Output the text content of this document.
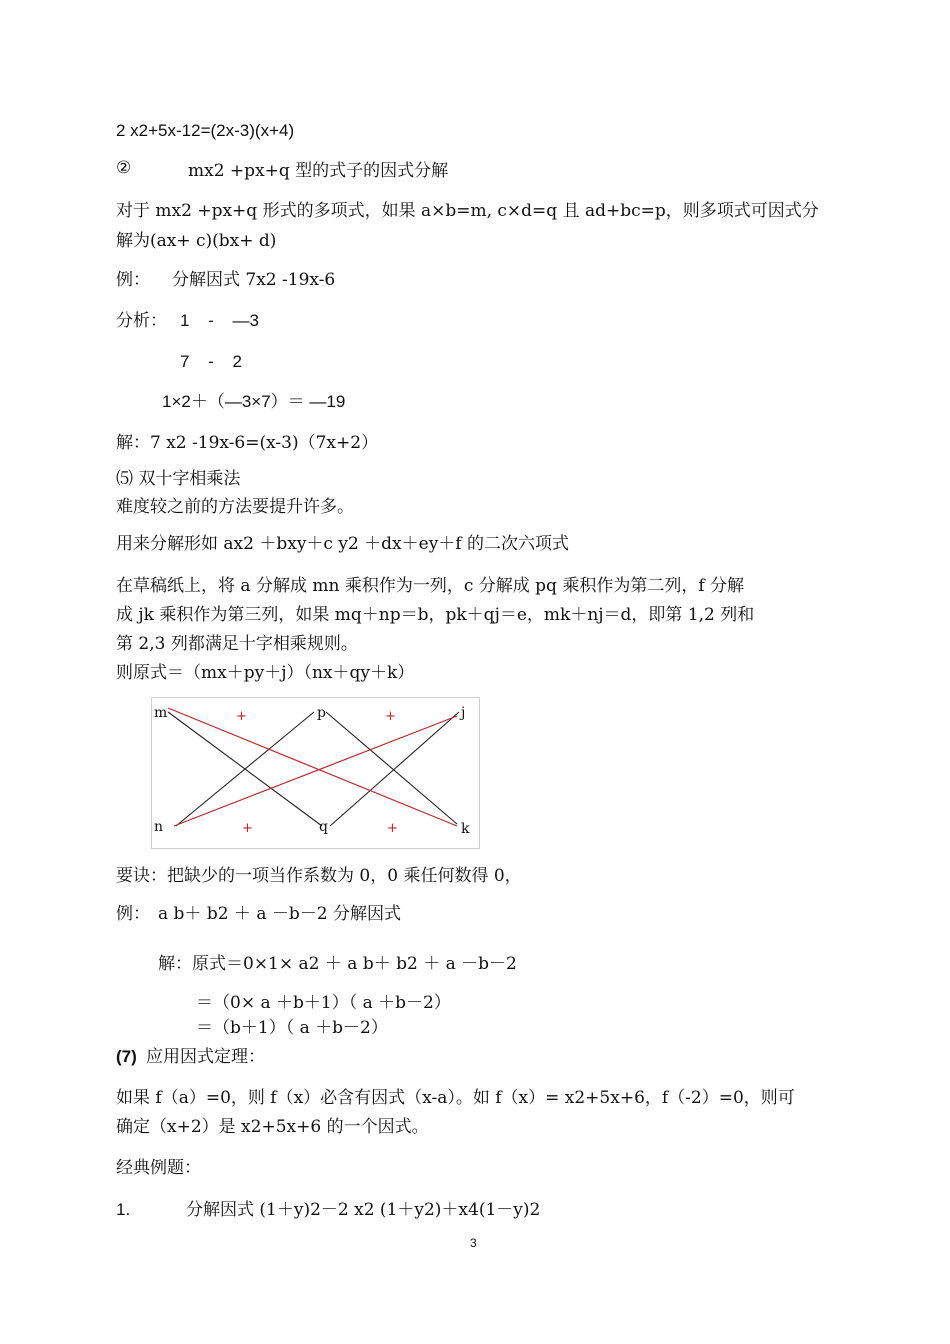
2 x2+5x-12=(2x-3)(x+4)
②	mx2 +px+q 型的式子的因式分解
对于 mx2 +px+q 形式的多项式，如果 a×b=m, c×d=q 且 ad+bc=p，则多项式可因式分
解为(ax+ c)(bx+ d)
例： 分解因式 7x2 -19x-6
分析： 1 - —3
7 - 2
1×2＋（—3×7）＝ —19
解：7 x2 -19x-6=(x-3)（7x+2）
⑸ 双十字相乘法
难度较之前的方法要提升许多。
用来分解形如 ax2 ＋bxy＋c y2 ＋dx＋ey＋f 的二次六项式
在草稿纸上，将 a 分解成 mn 乘积作为一列，c 分解成 pq 乘积作为第二列，f 分解
成 jk 乘积作为第三列，如果 mq＋np＝b，pk＋qj＝e，mk＋nj＝d，即第 1,2 列和
第 2,3 列都满足十字相乘规则。
则原式＝（mx＋py＋j）（nx＋qy＋k）
m	p	j
n	q	k
+	+
+	+
要诀：把缺少的一项当作系数为 0，0 乘任何数得 0，
例： a b＋ b2 ＋ a －b－2 分解因式
解：原式＝0×1× a2 ＋ a b＋ b2 ＋ a －b－2
＝（0× a ＋b＋1）（ a ＋b－2）
＝（b＋1）（ a ＋b－2）
(7) 应用因式定理：
如果 f（a）=0，则 f（x）必含有因式（x-a）。如 f（x）= x2+5x+6，f（-2）=0，则可
确定（x+2）是 x2+5x+6 的一个因式。
经典例题：
1.	分解因式 (1＋y)2－2 x2 (1＋y2)＋x4(1－y)2
3
